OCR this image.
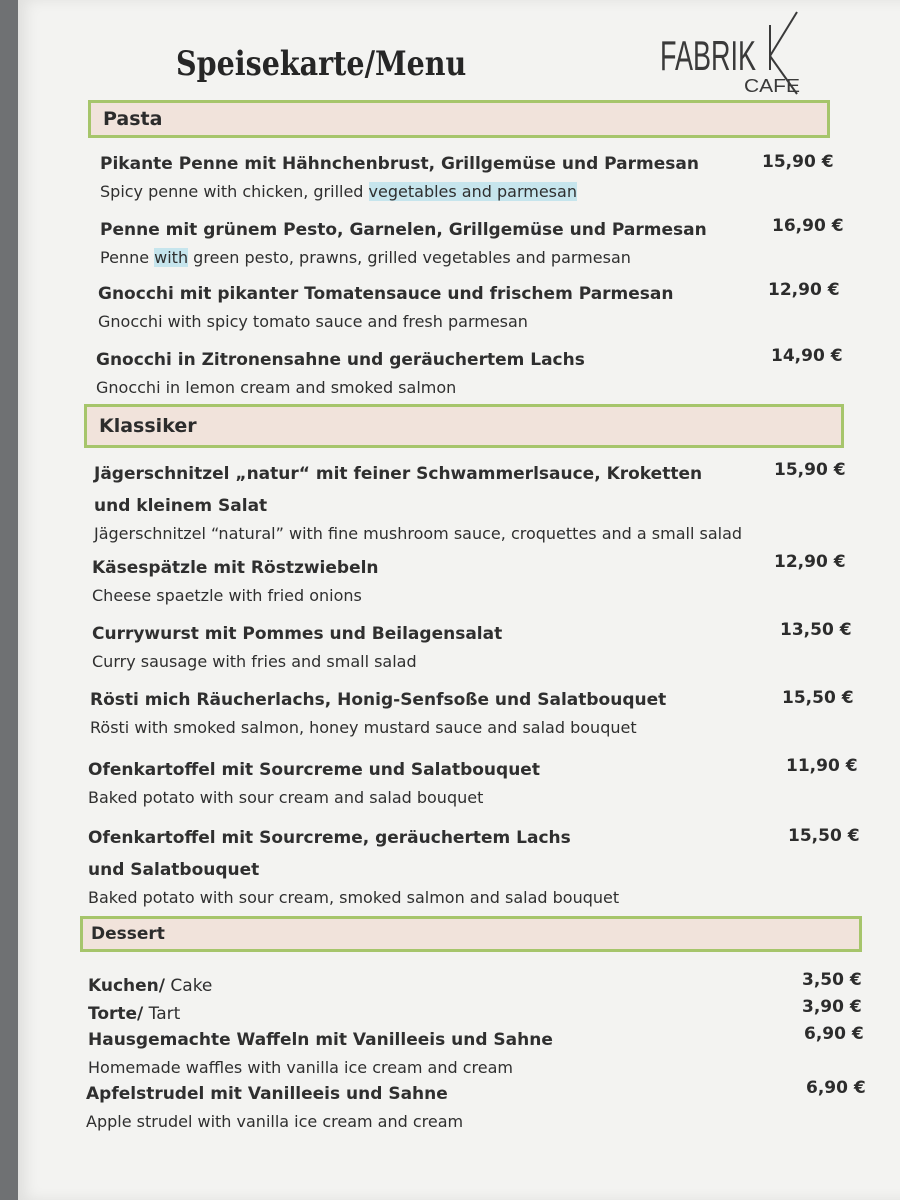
Speisekarte/Menu	FABRIK
CAFE
Pasta
Pikante Penne mit Hähnchenbrust, Grillgemüse und Parmesan
Spicy penne with chicken, grilled vegetables and parmesan
15,90 €
Penne mit grünem Pesto, Garnelen, Grillgemüse und Parmesan
Penne with green pesto, prawns, grilled vegetables and parmesan
16,90 €
Gnocchi mit pikanter Tomatensauce und frischem Parmesan
Gnocchi with spicy tomato sauce and fresh parmesan
12,90 €
Gnocchi in Zitronensahne und geräuchertem Lachs
Gnocchi in lemon cream and smoked salmon
14,90 €
Klassiker
Jägerschnitzel „natur“ mit feiner Schwammerlsauce, Kroketten
und kleinem Salat
Jägerschnitzel “natural” with fine mushroom sauce, croquettes and a small salad
15,90 €
Käsespätzle mit Röstzwiebeln
Cheese spaetzle with fried onions
12,90 €
Currywurst mit Pommes und Beilagensalat
Curry sausage with fries and small salad
13,50 €
Rösti mich Räucherlachs, Honig-Senfsoße und Salatbouquet
Rösti with smoked salmon, honey mustard sauce and salad bouquet
15,50 €
Ofenkartoffel mit Sourcreme und Salatbouquet
Baked potato with sour cream and salad bouquet
11,90 €
Ofenkartoffel mit Sourcreme, geräuchertem Lachs
und Salatbouquet
Baked potato with sour cream, smoked salmon and salad bouquet
15,50 €
Dessert
Kuchen/ Cake	3,50 €
Torte/ Tart	3,90 €
Hausgemachte Waffeln mit Vanilleeis und Sahne
Homemade waffles with vanilla ice cream and cream
6,90 €
Apfelstrudel mit Vanilleeis und Sahne
Apple strudel with vanilla ice cream and cream
6,90 €
